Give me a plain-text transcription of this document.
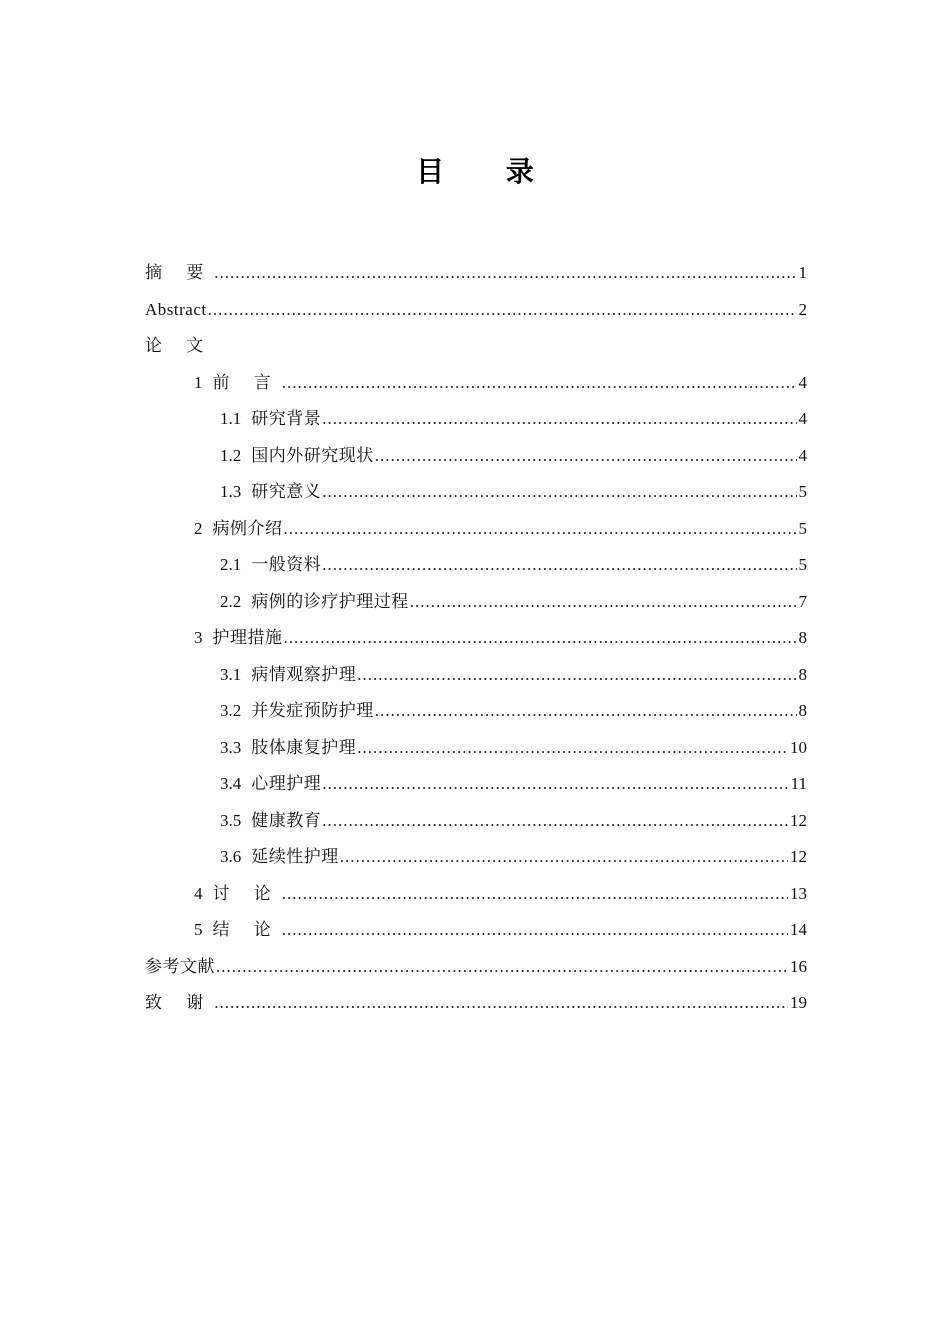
目 录
摘 要 .....	1
Abstract .....	2
论 文
1 前 言 .....	4
1.1 研究背景 .....	4
1.2 国内外研究现状 .....	4
1.3 研究意义 .....	5
2 病例介绍 .....	5
2.1 一般资料 .....	5
2.2 病例的诊疗护理过程 .....	7
3 护理措施 .....	8
3.1 病情观察护理 .....	8
3.2 并发症预防护理 .....	8
3.3 肢体康复护理 .....	10
3.4 心理护理 .....	11
3.5 健康教育 .....	12
3.6 延续性护理 .....	12
4 讨 论 .....	13
5 结 论 .....	14
参考文献 .....	16
致 谢 .....	19
